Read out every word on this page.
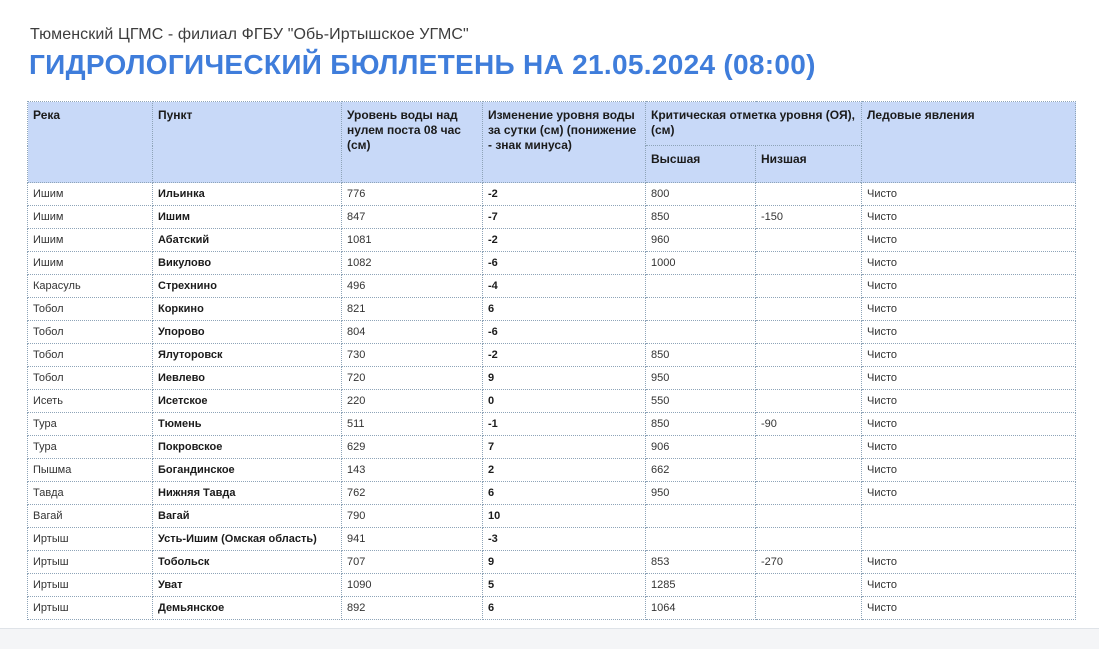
Тюменский ЦГМС - филиал ФГБУ "Обь-Иртышское УГМС"
ГИДРОЛОГИЧЕСКИЙ БЮЛЛЕТЕНЬ НА 21.05.2024 (08:00)
Река	Пункт	Уровень воды над нулем поста 08 час (см)	Изменение уровня воды за сутки (см) (понижение - знак минуса)	Критическая отметка уровня (ОЯ), (см)		Ледовые явления
				Высшая	Низшая	
Ишим	Ильинка	776	-2	800		Чисто
Ишим	Ишим	847	-7	850	-150	Чисто
Ишим	Абатский	1081	-2	960		Чисто
Ишим	Викулово	1082	-6	1000		Чисто
Карасуль	Стрехнино	496	-4			Чисто
Тобол	Коркино	821	6			Чисто
Тобол	Упорово	804	-6			Чисто
Тобол	Ялуторовск	730	-2	850		Чисто
Тобол	Иевлево	720	9	950		Чисто
Исеть	Исетское	220	0	550		Чисто
Тура	Тюмень	511	-1	850	-90	Чисто
Тура	Покровское	629	7	906		Чисто
Пышма	Богандинское	143	2	662		Чисто
Тавда	Нижняя Тавда	762	6	950		Чисто
Вагай	Вагай	790	10			
Иртыш	Усть-Ишим (Омская область)	941	-3			
Иртыш	Тобольск	707	9	853	-270	Чисто
Иртыш	Уват	1090	5	1285		Чисто
Иртыш	Демьянское	892	6	1064		Чисто
